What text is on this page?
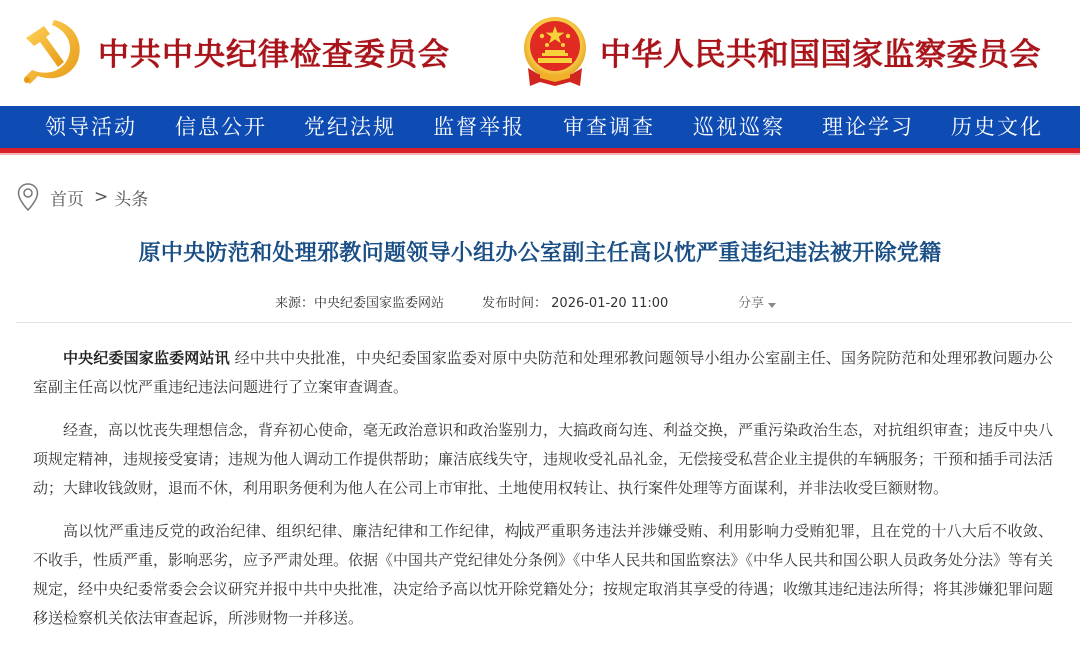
中共中央纪律检查委员会	中华人民共和国国家监察委员会
领导活动 信息公开 党纪法规 监督举报 审查调查 巡视巡察 理论学习 历史文化
首页 > 头条
原中央防范和处理邪教问题领导小组办公室副主任高以忱严重违纪违法被开除党籍
来源：中央纪委国家监委网站	发布时间： 2026-01-20 11:00	分享

中央纪委国家监委网站讯 经中共中央批准，中央纪委国家监委对原中央防范和处理邪教问题领导小组办公室副主任、国务院防范和处理邪教问题办公室副主任高以忱严重违纪违法问题进行了立案审查调查。

经查，高以忱丧失理想信念，背弃初心使命，毫无政治意识和政治鉴别力，大搞政商勾连、利益交换，严重污染政治生态，对抗组织审查；违反中央八项规定精神，违规接受宴请；违规为他人调动工作提供帮助；廉洁底线失守，违规收受礼品礼金，无偿接受私营企业主提供的车辆服务；干预和插手司法活动；大肆收钱敛财，退而不休，利用职务便利为他人在公司上市审批、土地使用权转让、执行案件处理等方面谋利，并非法收受巨额财物。

高以忱严重违反党的政治纪律、组织纪律、廉洁纪律和工作纪律，构成严重职务违法并涉嫌受贿、利用影响力受贿犯罪，且在党的十八大后不收敛、不收手，性质严重，影响恶劣，应予严肃处理。依据《中国共产党纪律处分条例》《中华人民共和国监察法》《中华人民共和国公职人员政务处分法》等有关规定，经中央纪委常委会会议研究并报中共中央批准，决定给予高以忱开除党籍处分；按规定取消其享受的待遇；收缴其违纪违法所得；将其涉嫌犯罪问题移送检察机关依法审查起诉，所涉财物一并移送。
